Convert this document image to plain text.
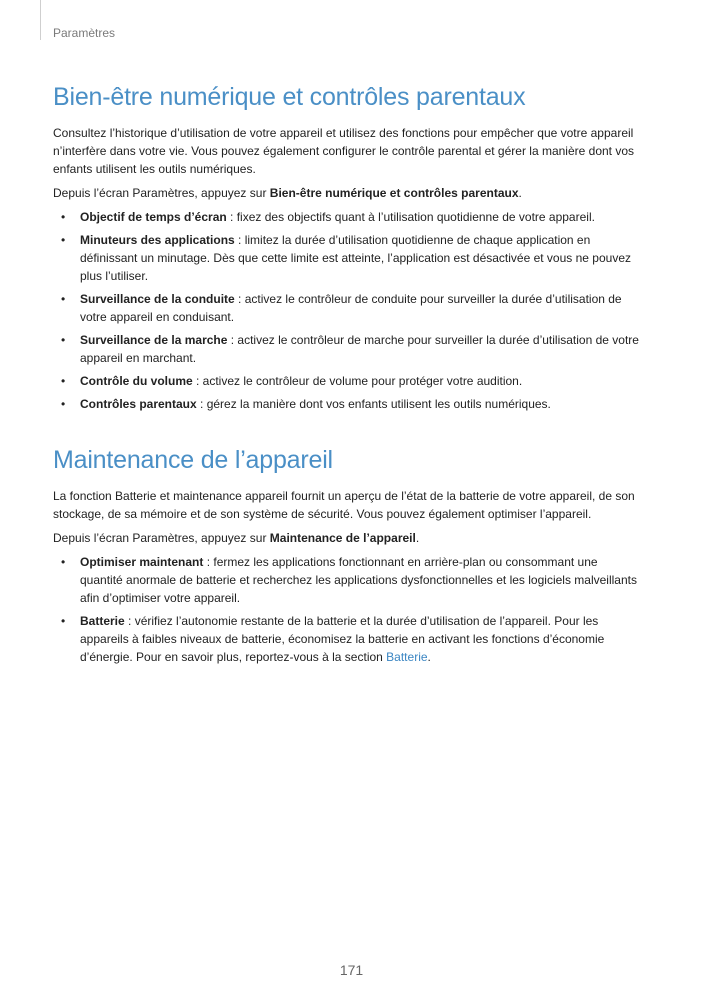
Paramètres

Bien-être numérique et contrôles parentaux

Consultez l’historique d’utilisation de votre appareil et utilisez des fonctions pour empêcher que votre appareil n’interfère dans votre vie. Vous pouvez également configurer le contrôle parental et gérer la manière dont vos enfants utilisent les outils numériques.

Depuis l’écran Paramètres, appuyez sur Bien-être numérique et contrôles parentaux.

• Objectif de temps d’écran : fixez des objectifs quant à l’utilisation quotidienne de votre appareil.
• Minuteurs des applications : limitez la durée d’utilisation quotidienne de chaque application en définissant un minutage. Dès que cette limite est atteinte, l’application est désactivée et vous ne pouvez plus l’utiliser.
• Surveillance de la conduite : activez le contrôleur de conduite pour surveiller la durée d’utilisation de votre appareil en conduisant.
• Surveillance de la marche : activez le contrôleur de marche pour surveiller la durée d’utilisation de votre appareil en marchant.
• Contrôle du volume : activez le contrôleur de volume pour protéger votre audition.
• Contrôles parentaux : gérez la manière dont vos enfants utilisent les outils numériques.
Maintenance de l’appareil

La fonction Batterie et maintenance appareil fournit un aperçu de l’état de la batterie de votre appareil, de son stockage, de sa mémoire et de son système de sécurité. Vous pouvez également optimiser l’appareil.

Depuis l’écran Paramètres, appuyez sur Maintenance de l’appareil.

• Optimiser maintenant : fermez les applications fonctionnant en arrière-plan ou consommant une quantité anormale de batterie et recherchez les applications dysfonctionnelles et les logiciels malveillants afin d’optimiser votre appareil.
• Batterie : vérifiez l’autonomie restante de la batterie et la durée d’utilisation de l’appareil. Pour les appareils à faibles niveaux de batterie, économisez la batterie en activant les fonctions d’économie d’énergie. Pour en savoir plus, reportez-vous à la section Batterie.

171
